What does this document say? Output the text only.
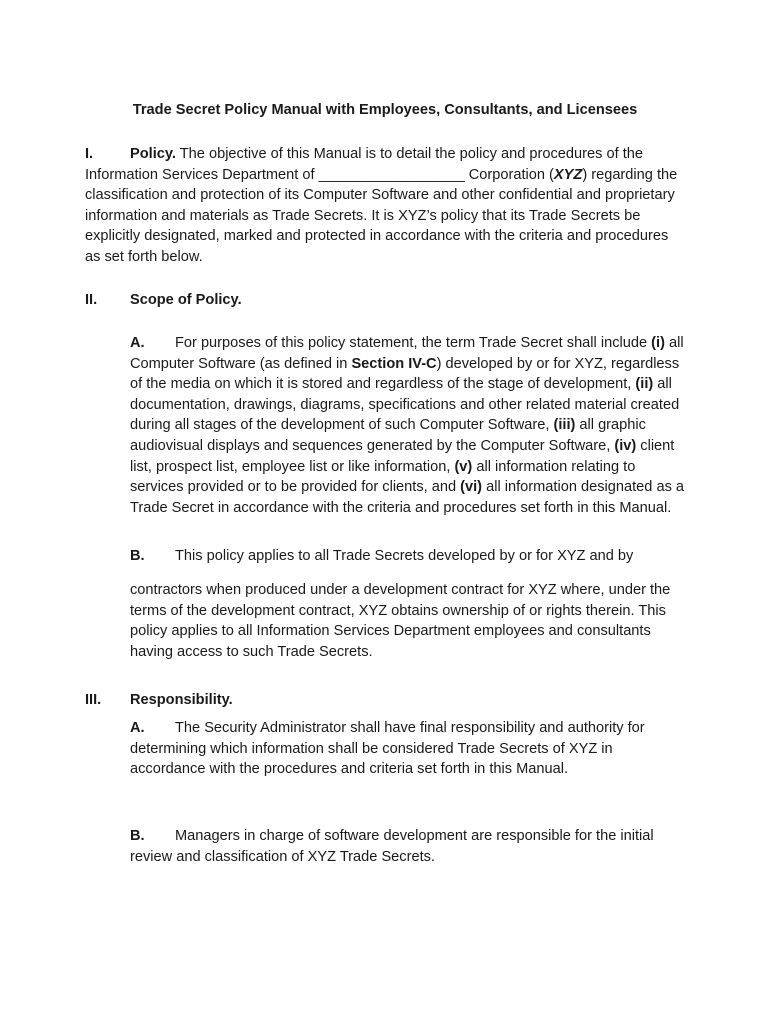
Trade Secret Policy Manual with Employees, Consultants, and Licensees

I.	Policy. The objective of this Manual is to detail the policy and procedures of the Information Services Department of __________________ Corporation (XYZ) regarding the classification and protection of its Computer Software and other confidential and proprietary information and materials as Trade Secrets. It is XYZ’s policy that its Trade Secrets be explicitly designated, marked and protected in accordance with the criteria and procedures as set forth below.

II. Scope of Policy.

A. For purposes of this policy statement, the term Trade Secret shall include (i) all Computer Software (as defined in Section IV-C) developed by or for XYZ, regardless of the media on which it is stored and regardless of the stage of development, (ii) all documentation, drawings, diagrams, specifications and other related material created during all stages of the development of such Computer Software, (iii) all graphic audiovisual displays and sequences generated by the Computer Software, (iv) client list, prospect list, employee list or like information, (v) all information relating to services provided or to be provided for clients, and (vi) all information designated as a Trade Secret in accordance with the criteria and procedures set forth in this Manual.

B. This policy applies to all Trade Secrets developed by or for XYZ and by

contractors when produced under a development contract for XYZ where, under the terms of the development contract, XYZ obtains ownership of or rights therein. This policy applies to all Information Services Department employees and consultants having access to such Trade Secrets.

III. Responsibility.

A. The Security Administrator shall have final responsibility and authority for determining which information shall be considered Trade Secrets of XYZ in accordance with the procedures and criteria set forth in this Manual.

B. Managers in charge of software development are responsible for the initial review and classification of XYZ Trade Secrets.
